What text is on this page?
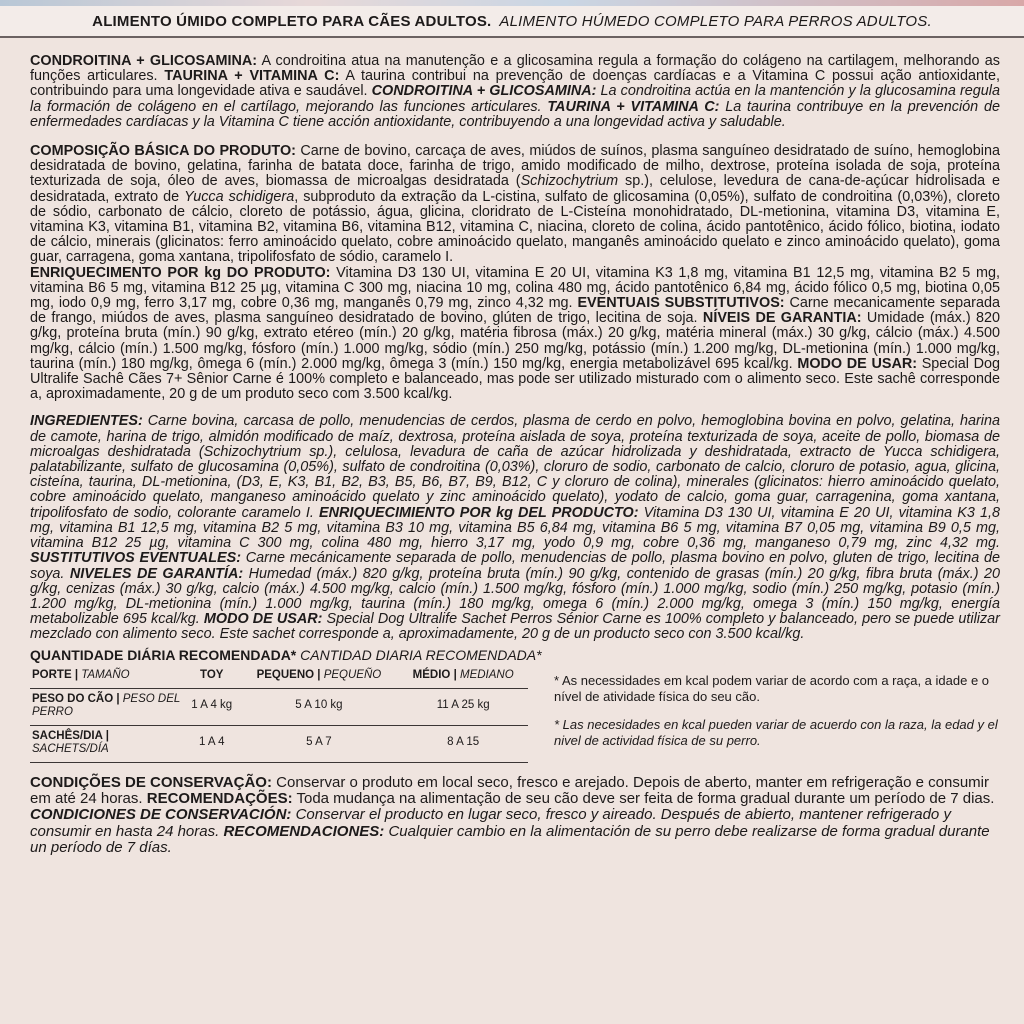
ALIMENTO ÚMIDO COMPLETO PARA CÃES ADULTOS. ALIMENTO HÚMEDO COMPLETO PARA PERROS ADULTOS.

CONDROITINA + GLICOSAMINA: A condroitina atua na manutenção e a glicosamina regula a formação do colágeno na cartilagem, melhorando as funções articulares. TAURINA + VITAMINA C: A taurina contribui na prevenção de doenças cardíacas e a Vitamina C possui ação antioxidante, contribuindo para uma longevidade ativa e saudável. CONDROITINA + GLICOSAMINA: La condroitina actúa en la mantención y la glucosamina regula la formación de colágeno en el cartílago, mejorando las funciones articulares. TAURINA + VITAMINA C: La taurina contribuye en la prevención de enfermedades cardíacas y la Vitamina C tiene acción antioxidante, contribuyendo a una longevidad activa y saludable.

COMPOSIÇÃO BÁSICA DO PRODUTO: Carne de bovino, carcaça de aves, miúdos de suínos, plasma sanguíneo desidratado de suíno, hemoglobina desidratada de bovino, gelatina, farinha de batata doce, farinha de trigo, amido modificado de milho, dextrose, proteína isolada de soja, proteína texturizada de soja, óleo de aves, biomassa de microalgas desidratada (Schizochytrium sp.), celulose, levedura de cana-de-açúcar hidrolisada e desidratada, extrato de Yucca schidigera, subproduto da extração da L-cistina, sulfato de glicosamina (0,05%), sulfato de condroitina (0,03%), cloreto de sódio, carbonato de cálcio, cloreto de potássio, água, glicina, cloridrato de L-Cisteína monohidratado, DL-metionina, vitamina D3, vitamina E, vitamina K3, vitamina B1, vitamina B2, vitamina B6, vitamina B12, vitamina C, niacina, cloreto de colina, ácido pantotênico, ácido fólico, biotina, iodato de cálcio, minerais (glicinatos: ferro aminoácido quelato, cobre aminoácido quelato, manganês aminoácido quelato e zinco aminoácido quelato), goma guar, carragena, goma xantana, tripolifosfato de sódio, caramelo I.
ENRIQUECIMENTO POR kg DO PRODUTO: Vitamina D3 130 UI, vitamina E 20 UI, vitamina K3 1,8 mg, vitamina B1 12,5 mg, vitamina B2 5 mg, vitamina B6 5 mg, vitamina B12 25 µg, vitamina C 300 mg, niacina 10 mg, colina 480 mg, ácido pantotênico 6,84 mg, ácido fólico 0,5 mg, biotina 0,05 mg, iodo 0,9 mg, ferro 3,17 mg, cobre 0,36 mg, manganês 0,79 mg, zinco 4,32 mg. EVENTUAIS SUBSTITUTIVOS: Carne mecanicamente separada de frango, miúdos de aves, plasma sanguíneo desidratado de bovino, glúten de trigo, lecitina de soja. NÍVEIS DE GARANTIA: Umidade (máx.) 820 g/kg, proteína bruta (mín.) 90 g/kg, extrato etéreo (mín.) 20 g/kg, matéria fibrosa (máx.) 20 g/kg, matéria mineral (máx.) 30 g/kg, cálcio (máx.) 4.500 mg/kg, cálcio (mín.) 1.500 mg/kg, fósforo (mín.) 1.000 mg/kg, sódio (mín.) 250 mg/kg, potássio (mín.) 1.200 mg/kg, DL-metionina (mín.) 1.000 mg/kg, taurina (mín.) 180 mg/kg, ômega 6 (mín.) 2.000 mg/kg, ômega 3 (mín.) 150 mg/kg, energia metabolizável 695 kcal/kg. MODO DE USAR: Special Dog Ultralife Sachê Cães 7+ Sênior Carne é 100% completo e balanceado, mas pode ser utilizado misturado com o alimento seco. Este sachê corresponde a, aproximadamente, 20 g de um produto seco com 3.500 kcal/kg.

INGREDIENTES: Carne bovina, carcasa de pollo, menudencias de cerdos, plasma de cerdo en polvo, hemoglobina bovina en polvo, gelatina, harina de camote, harina de trigo, almidón modificado de maíz, dextrosa, proteína aislada de soya, proteína texturizada de soya, aceite de pollo, biomasa de microalgas deshidratada (Schizochytrium sp.), celulosa, levadura de caña de azúcar hidrolizada y deshidratada, extracto de Yucca schidigera, palatabilizante, sulfato de glucosamina (0,05%), sulfato de condroitina (0,03%), cloruro de sodio, carbonato de calcio, cloruro de potasio, agua, glicina, cisteína, taurina, DL-metionina, (D3, E, K3, B1, B2, B3, B5, B6, B7, B9, B12, C y cloruro de colina), minerales (glicinatos: hierro aminoácido quelato, cobre aminoácido quelato, manganeso aminoácido quelato y zinc aminoácido quelato), yodato de calcio, goma guar, carragenina, goma xantana, tripolifosfato de sodio, colorante caramelo I. ENRIQUECIMIENTO POR kg DEL PRODUCTO: Vitamina D3 130 UI, vitamina E 20 UI, vitamina K3 1,8 mg, vitamina B1 12,5 mg, vitamina B2 5 mg, vitamina B3 10 mg, vitamina B5 6,84 mg, vitamina B6 5 mg, vitamina B7 0,05 mg, vitamina B9 0,5 mg, vitamina B12 25 µg, vitamina C 300 mg, colina 480 mg, hierro 3,17 mg, yodo 0,9 mg, cobre 0,36 mg, manganeso 0,79 mg, zinc 4,32 mg. SUSTITUTIVOS EVENTUALES: Carne mecánicamente separada de pollo, menudencias de pollo, plasma bovino en polvo, gluten de trigo, lecitina de soya. NIVELES DE GARANTÍA: Humedad (máx.) 820 g/kg, proteína bruta (mín.) 90 g/kg, contenido de grasas (mín.) 20 g/kg, fibra bruta (máx.) 20 g/kg, cenizas (máx.) 30 g/kg, calcio (máx.) 4.500 mg/kg, calcio (mín.) 1.500 mg/kg, fósforo (mín.) 1.000 mg/kg, sodio (mín.) 250 mg/kg, potasio (mín.) 1.200 mg/kg, DL-metionina (mín.) 1.000 mg/kg, taurina (mín.) 180 mg/kg, omega 6 (mín.) 2.000 mg/kg, omega 3 (mín.) 150 mg/kg, energía metabolizable 695 kcal/kg. MODO DE USAR: Special Dog Ultralife Sachet Perros Sénior Carne es 100% completo y balanceado, pero se puede utilizar mezclado con alimento seco. Este sachet corresponde a, aproximadamente, 20 g de un producto seco con 3.500 kcal/kg.

QUANTIDADE DIÁRIA RECOMENDADA* CANTIDAD DIARIA RECOMENDADA*
PORTE | TAMAÑO	TOY	PEQUENO | PEQUEÑO	MÉDIO | MEDIANO
PESO DO CÃO | PESO DEL PERRO	1 A 4 kg	5 A 10 kg	11 A 25 kg
SACHÊS/DIA | SACHETS/DÍA	1 A 4	5 A 7	8 A 15
* As necessidades em kcal podem variar de acordo com a raça, a idade e o nível de atividade física do seu cão.
* Las necesidades en kcal pueden variar de acuerdo con la raza, la edad y el nivel de actividad física de su perro.

CONDIÇÕES DE CONSERVAÇÃO: Conservar o produto em local seco, fresco e arejado. Depois de aberto, manter em refrigeração e consumir em até 24 horas. RECOMENDAÇÕES: Toda mudança na alimentação de seu cão deve ser feita de forma gradual durante um período de 7 dias.

CONDICIONES DE CONSERVACIÓN: Conservar el producto en lugar seco, fresco y aireado. Después de abierto, mantener refrigerado y consumir en hasta 24 horas. RECOMENDACIONES: Cualquier cambio en la alimentación de su perro debe realizarse de forma gradual durante un período de 7 días.
